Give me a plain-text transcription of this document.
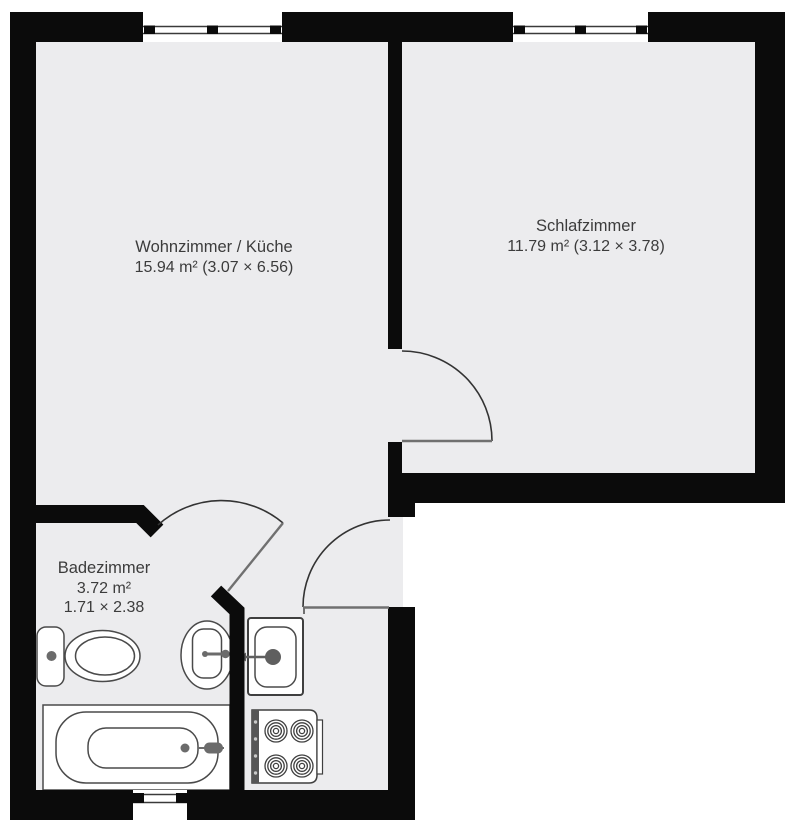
Wohnzimmer / Küche
15.94 m² (3.07 × 6.56)
Schlafzimmer
11.79 m² (3.12 × 3.78)
Badezimmer
3.72 m²
1.71 × 2.38
